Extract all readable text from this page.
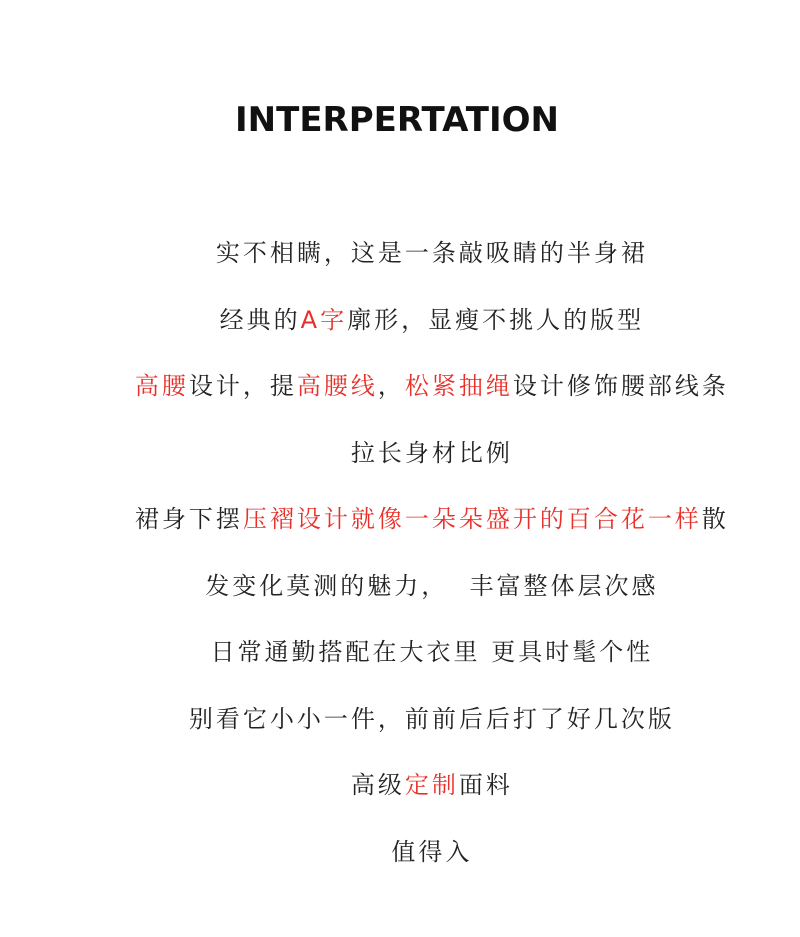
INTERPERTATION

实不相瞒，这是一条敲吸睛的半身裙

经典的A字廓形，显瘦不挑人的版型

高腰设计，提高腰线，松紧抽绳设计修饰腰部线条

拉长身材比例

裙身下摆压褶设计就像一朵朵盛开的百合花一样散

发变化莫测的魅力，  丰富整体层次感

日常通勤搭配在大衣里 更具时髦个性

别看它小小一件，前前后后打了好几次版

高级定制面料

值得入
